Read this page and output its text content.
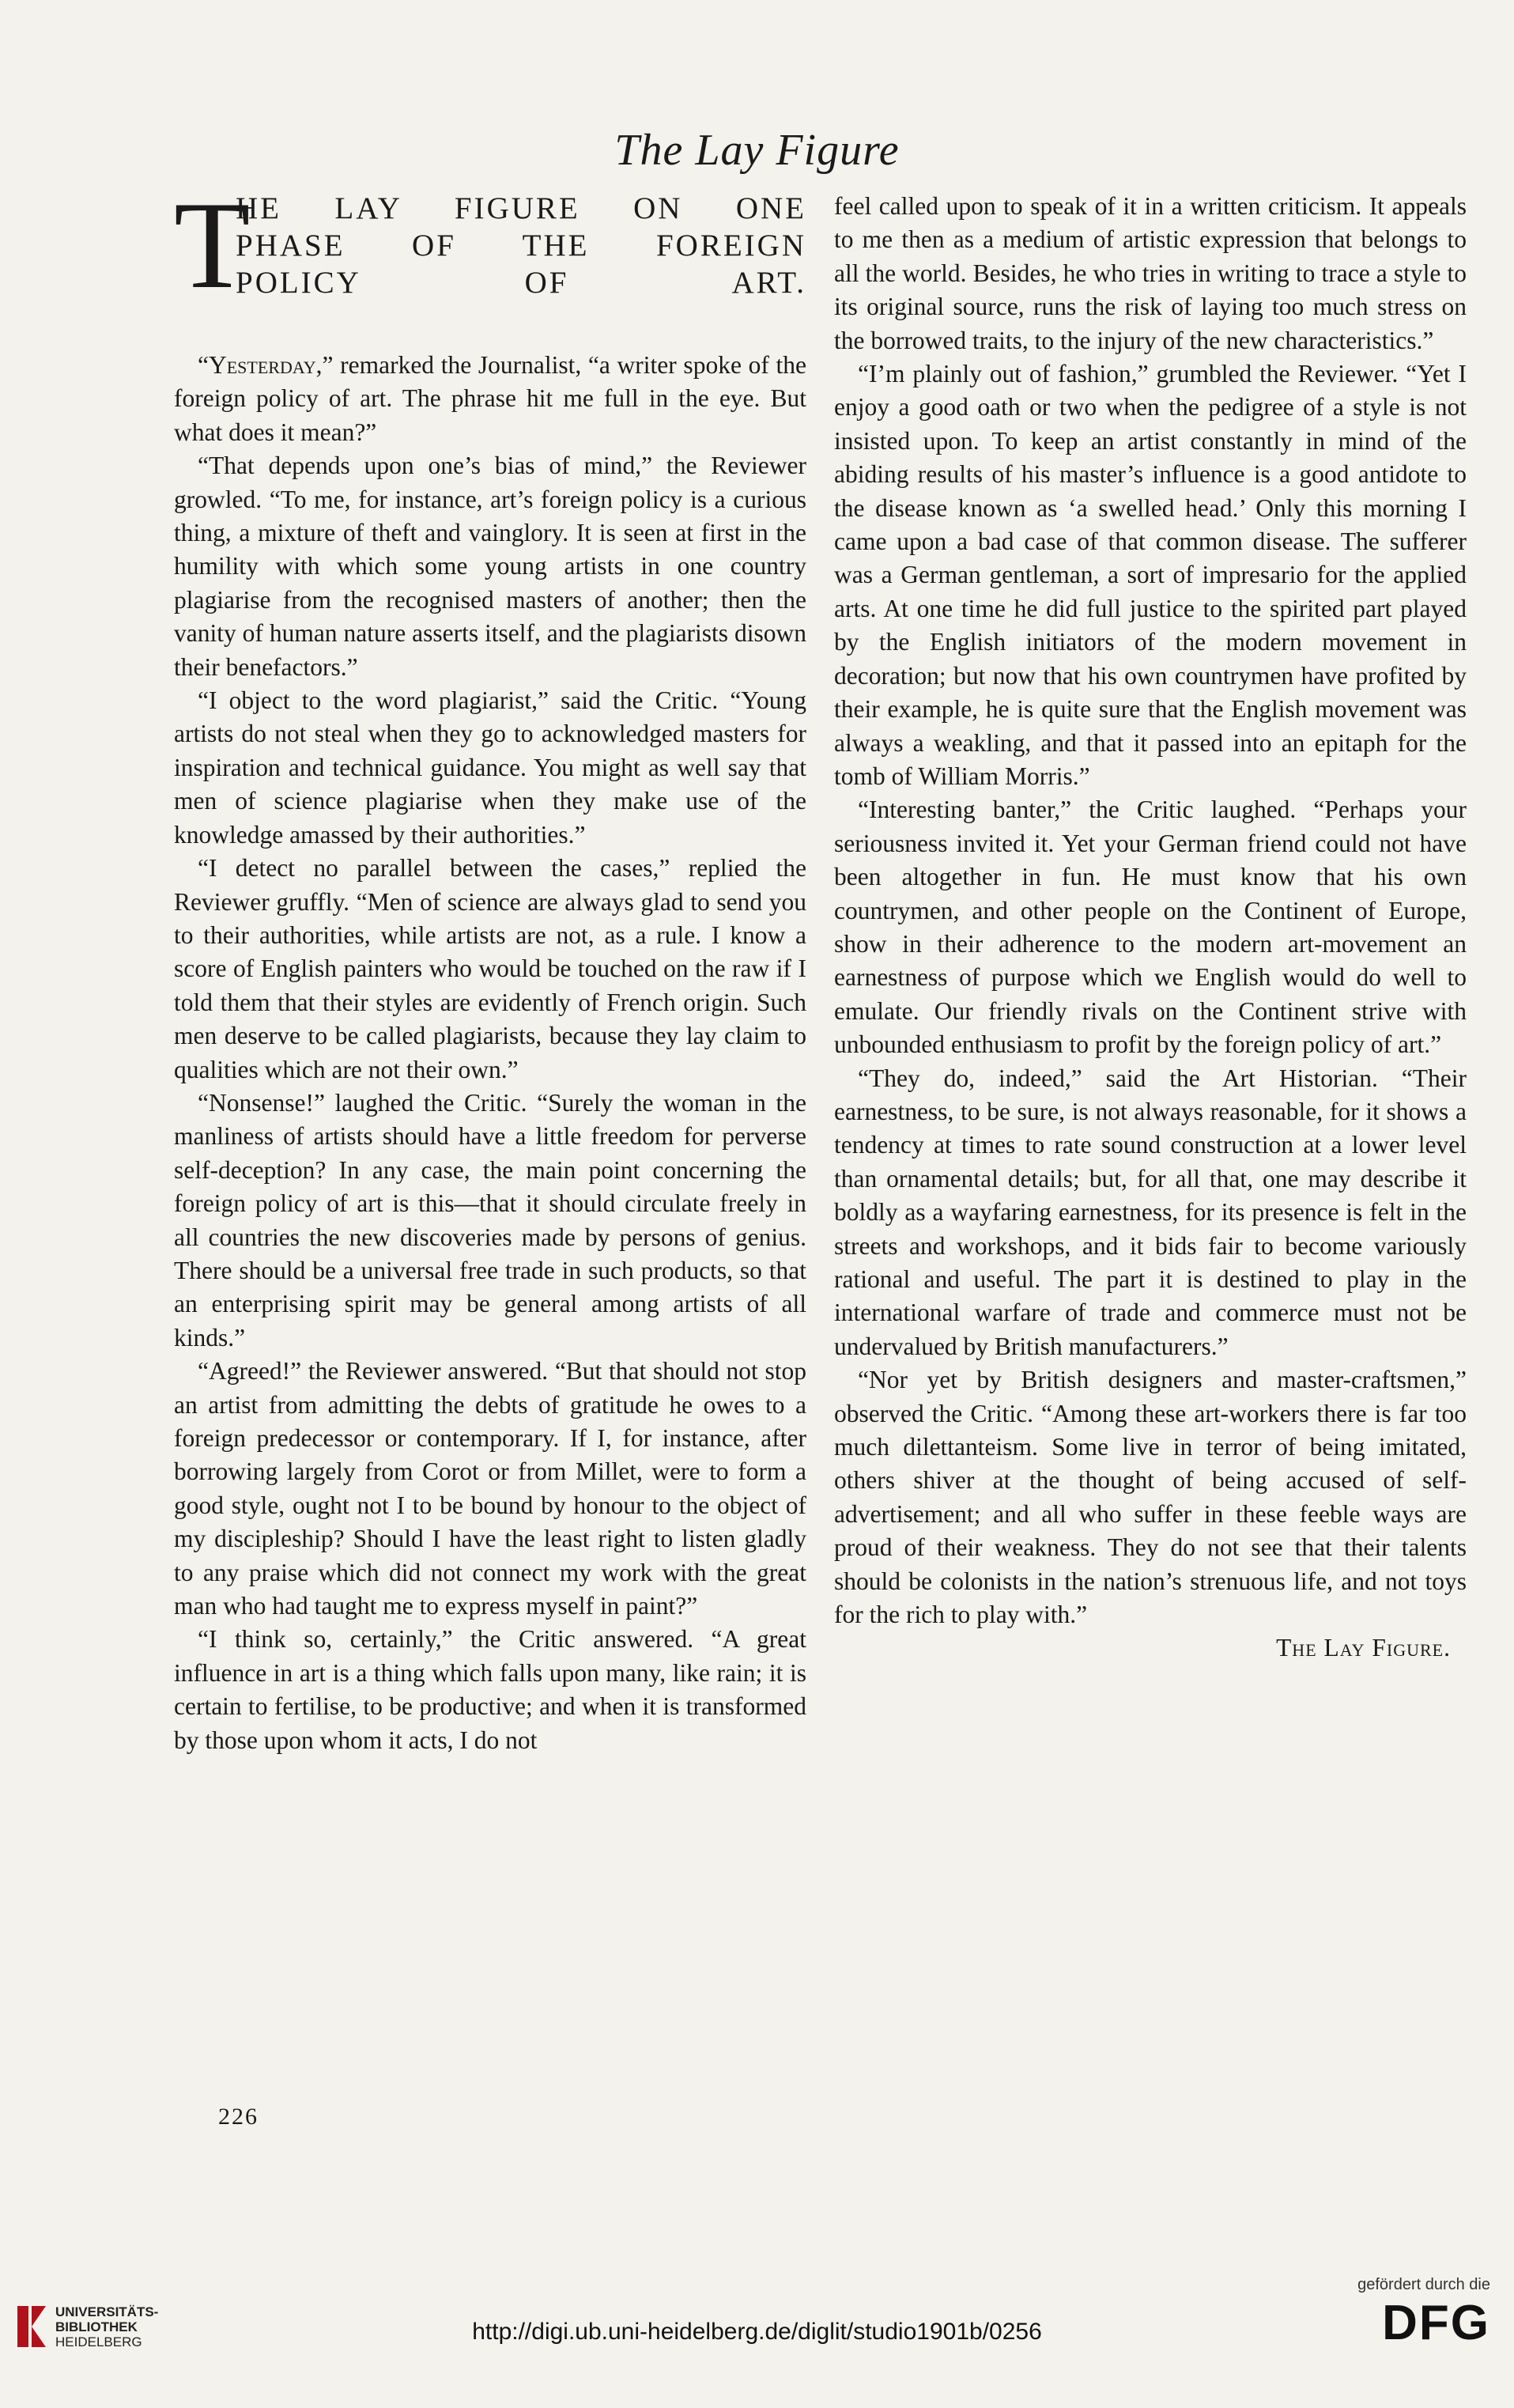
The Lay Figure
T
HE LAY FIGURE ON ONE
PHASE OF THE FOREIGN
POLICY OF ART.

“Yesterday,” remarked the Journalist, “a writer spoke of the foreign policy of art. The phrase hit me full in the eye. But what does it mean?”

“That depends upon one’s bias of mind,” the Reviewer growled. “To me, for instance, art’s foreign policy is a curious thing, a mixture of theft and vainglory. It is seen at first in the humility with which some young artists in one country plagiarise from the recognised masters of another; then the vanity of human nature asserts itself, and the plagiarists disown their benefactors.”

“I object to the word plagiarist,” said the Critic. “Young artists do not steal when they go to acknowledged masters for inspiration and technical guidance. You might as well say that men of science plagiarise when they make use of the knowledge amassed by their authorities.”

“I detect no parallel between the cases,” replied the Reviewer gruffly. “Men of science are always glad to send you to their authorities, while artists are not, as a rule. I know a score of English painters who would be touched on the raw if I told them that their styles are evidently of French origin. Such men deserve to be called plagiarists, because they lay claim to qualities which are not their own.”

“Nonsense!” laughed the Critic. “Surely the woman in the manliness of artists should have a little freedom for perverse self-deception? In any case, the main point concerning the foreign policy of art is this—that it should circulate freely in all countries the new discoveries made by persons of genius. There should be a universal free trade in such products, so that an enterprising spirit may be general among artists of all kinds.”

“Agreed!” the Reviewer answered. “But that should not stop an artist from admitting the debts of gratitude he owes to a foreign predecessor or contemporary. If I, for instance, after borrowing largely from Corot or from Millet, were to form a good style, ought not I to be bound by honour to the object of my discipleship? Should I have the least right to listen gladly to any praise which did not connect my work with the great man who had taught me to express myself in paint?”

“I think so, certainly,” the Critic answered. “A great influence in art is a thing which falls upon many, like rain; it is certain to fertilise, to be productive; and when it is transformed by those upon whom it acts, I do not

feel called upon to speak of it in a written criticism. It appeals to me then as a medium of artistic expression that belongs to all the world. Besides, he who tries in writing to trace a style to its original source, runs the risk of laying too much stress on the borrowed traits, to the injury of the new characteristics.”

“I’m plainly out of fashion,” grumbled the Reviewer. “Yet I enjoy a good oath or two when the pedigree of a style is not insisted upon. To keep an artist constantly in mind of the abiding results of his master’s influence is a good antidote to the disease known as ‘a swelled head.’ Only this morning I came upon a bad case of that common disease. The sufferer was a German gentleman, a sort of impresario for the applied arts. At one time he did full justice to the spirited part played by the English initiators of the modern movement in decoration; but now that his own countrymen have profited by their example, he is quite sure that the English movement was always a weakling, and that it passed into an epitaph for the tomb of William Morris.”

“Interesting banter,” the Critic laughed. “Perhaps your seriousness invited it. Yet your German friend could not have been altogether in fun. He must know that his own countrymen, and other people on the Continent of Europe, show in their adherence to the modern art-movement an earnestness of purpose which we English would do well to emulate. Our friendly rivals on the Continent strive with unbounded enthusiasm to profit by the foreign policy of art.”

“They do, indeed,” said the Art Historian. “Their earnestness, to be sure, is not always reasonable, for it shows a tendency at times to rate sound construction at a lower level than ornamental details; but, for all that, one may describe it boldly as a wayfaring earnestness, for its presence is felt in the streets and workshops, and it bids fair to become variously rational and useful. The part it is destined to play in the international warfare of trade and commerce must not be undervalued by British manufacturers.”

“Nor yet by British designers and master-craftsmen,” observed the Critic. “Among these art-workers there is far too much dilettanteism. Some live in terror of being imitated, others shiver at the thought of being accused of self-advertisement; and all who suffer in these feeble ways are proud of their weakness. They do not see that their talents should be colonists in the nation’s strenuous life, and not toys for the rich to play with.”

The Lay Figure.

226
UNIVERSITÄTS-
BIBLIOTHEK
HEIDELBERG	http://digi.ub.uni-heidelberg.de/diglit/studio1901b/0256
gefördert durch die
DFG
